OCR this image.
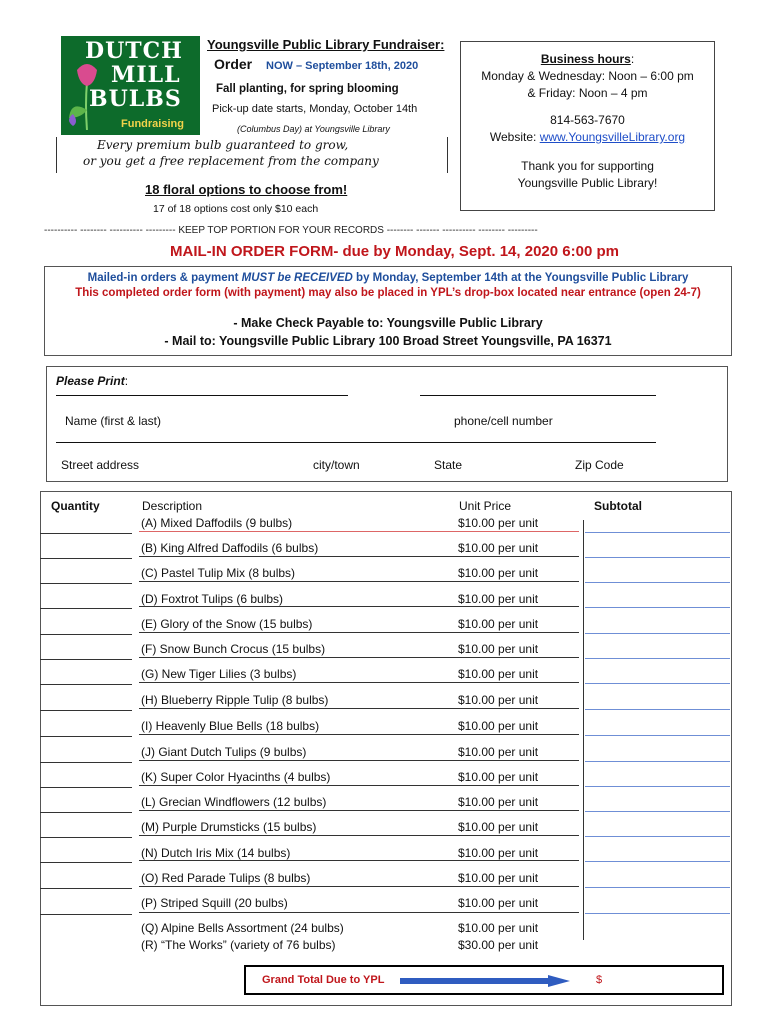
DUTCH
MILL
BULBS
Fundraising
Youngsville Public Library Fundraiser:
Order NOW – September 18th, 2020
Fall planting, for spring blooming
Pick-up date starts, Monday, October 14th
(Columbus Day) at Youngsville Library
Every premium bulb guaranteed to grow,
or you get a free replacement from the company
18 floral options to choose from!
17 of 18 options cost only $10 each
Business hours:
Monday & Wednesday: Noon – 6:00 pm
& Friday: Noon – 4 pm
814-563-7670
Website: www.YoungsvilleLibrary.org
Thank you for supporting
Youngsville Public Library!
---------- -------- ---------- --------- KEEP TOP PORTION FOR YOUR RECORDS -------- ------- ---------- -------- ---------
MAIL-IN ORDER FORM- due by Monday, Sept. 14, 2020 6:00 pm
Mailed-in orders & payment MUST be RECEIVED by Monday, September 14th at the Youngsville Public Library
This completed order form (with payment) may also be placed in YPL’s drop-box located near entrance (open 24-7)
- Make Check Payable to: Youngsville Public Library
- Mail to: Youngsville Public Library 100 Broad Street Youngsville, PA 16371
Please Print:
Name (first & last)	phone/cell number
Street address	city/town	State	Zip Code
Quantity	Description	Unit Price	Subtotal
(A) Mixed Daffodils (9 bulbs)	$10.00 per unit
(B) King Alfred Daffodils (6 bulbs)	$10.00 per unit
(C) Pastel Tulip Mix (8 bulbs)	$10.00 per unit
(D) Foxtrot Tulips (6 bulbs)	$10.00 per unit
(E) Glory of the Snow (15 bulbs)	$10.00 per unit
(F) Snow Bunch Crocus (15 bulbs)	$10.00 per unit
(G) New Tiger Lilies (3 bulbs)	$10.00 per unit
(H) Blueberry Ripple Tulip (8 bulbs)	$10.00 per unit
(I) Heavenly Blue Bells (18 bulbs)	$10.00 per unit
(J) Giant Dutch Tulips (9 bulbs)	$10.00 per unit
(K) Super Color Hyacinths (4 bulbs)	$10.00 per unit
(L) Grecian Windflowers (12 bulbs)	$10.00 per unit
(M) Purple Drumsticks (15 bulbs)	$10.00 per unit
(N) Dutch Iris Mix (14 bulbs)	$10.00 per unit
(O) Red Parade Tulips (8 bulbs)	$10.00 per unit
(P) Striped Squill (20 bulbs)	$10.00 per unit
(Q) Alpine Bells Assortment (24 bulbs)	$10.00 per unit
(R) “The Works” (variety of 76 bulbs)	$30.00 per unit
Grand Total Due to YPL	$
